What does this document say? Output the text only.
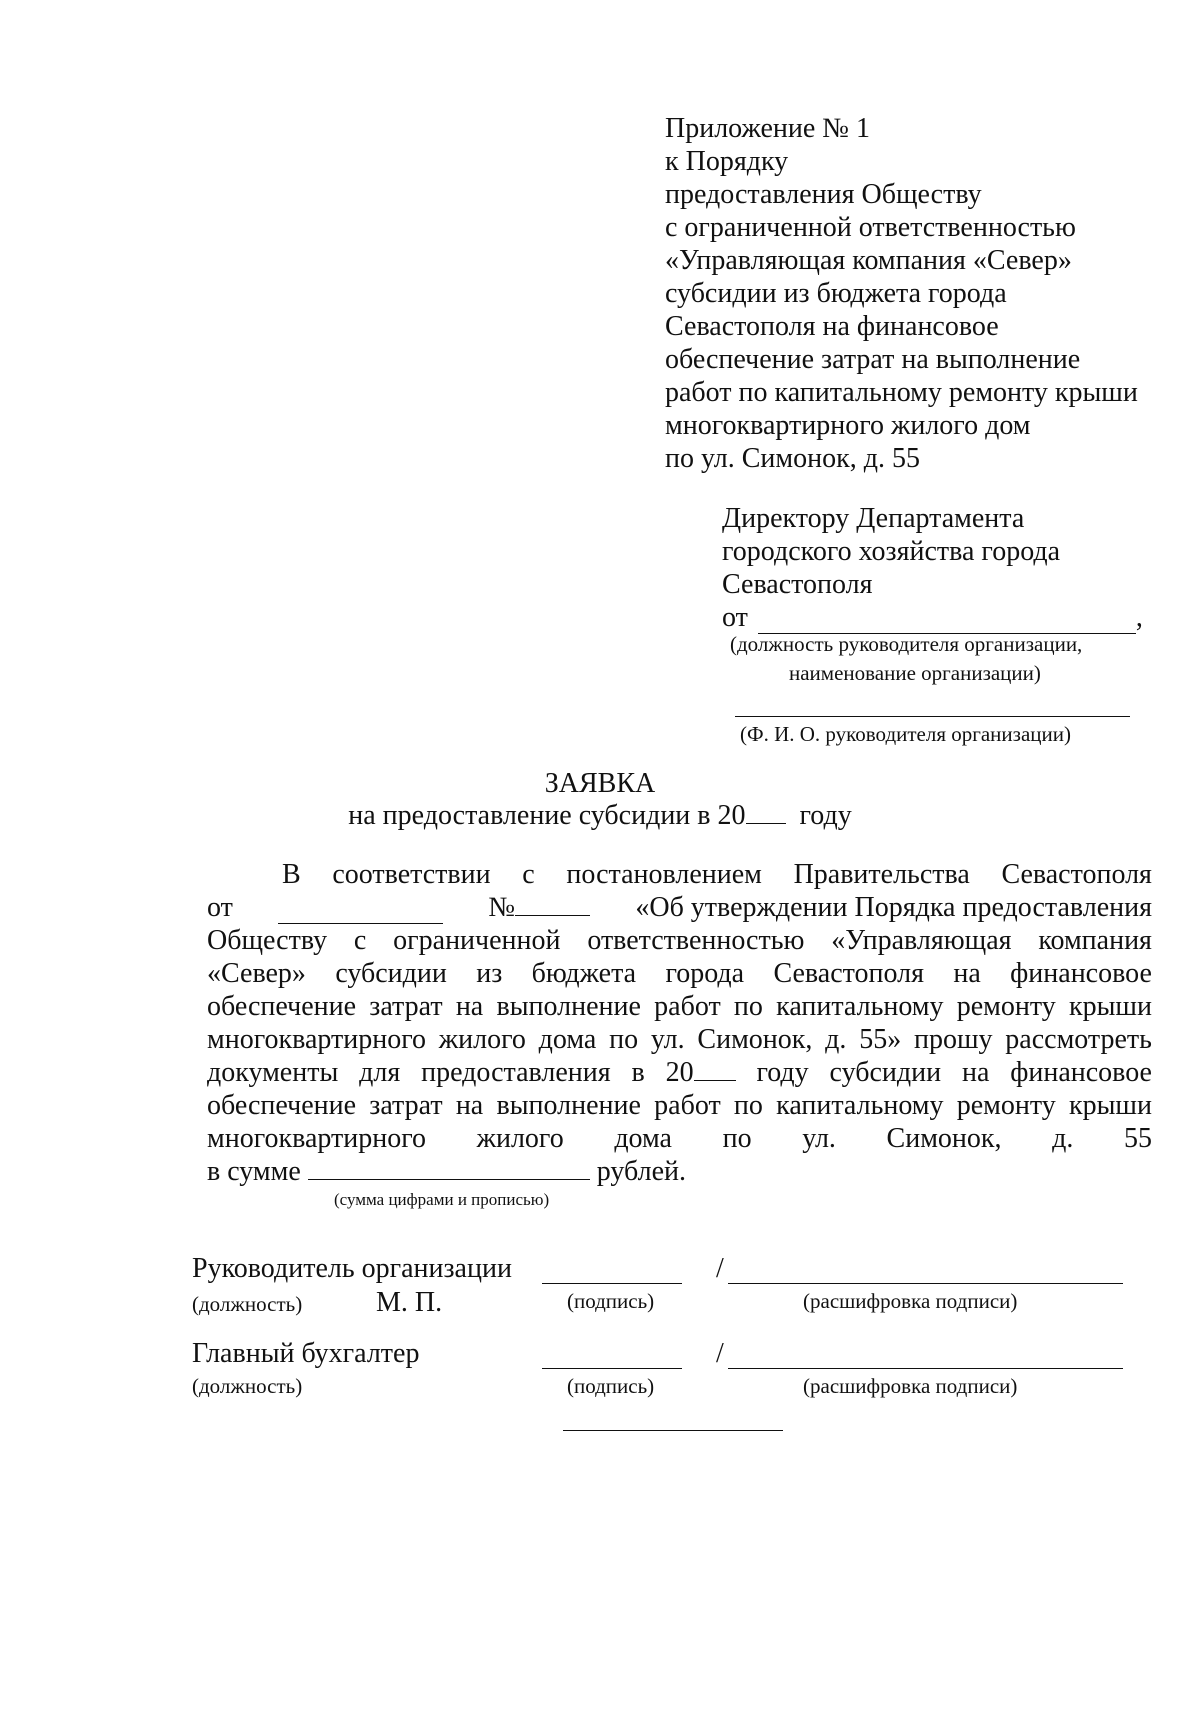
Приложение № 1
к Порядку
предоставления Обществу
с ограниченной ответственностью
«Управляющая компания «Север»
субсидии из бюджета города
Севастополя на финансовое
обеспечение затрат на выполнение
работ по капитальному ремонту крыши
многоквартирного жилого дом
по ул. Симонок, д. 55
Директору Департамента
городского хозяйства города
Севастополя
от	,
(должность руководителя организации,
наименование организации)
(Ф. И. О. руководителя организации)
ЗАЯВКА
на предоставление субсидии в 20 году
В соответствии с постановлением Правительства Севастополя
от	№	«Об утверждении Порядка предоставления
Обществу с ограниченной ответственностью «Управляющая компания
«Север» субсидии из бюджета города Севастополя на финансовое
обеспечение затрат на выполнение работ по капитальному ремонту крыши
многоквартирного жилого дома по ул. Симонок, д. 55» прошу рассмотреть
документы для предоставления в 20	году субсидии на финансовое
обеспечение затрат на выполнение работ по капитальному ремонту крыши
многоквартирного жилого дома по ул. Симонок, д. 55
в сумме	рублей.
(сумма цифрами и прописью)
Руководитель организации	/
(должность)	М. П.	(подпись)	(расшифровка подписи)
Главный бухгалтер	/
(должность)	(подпись)	(расшифровка подписи)
